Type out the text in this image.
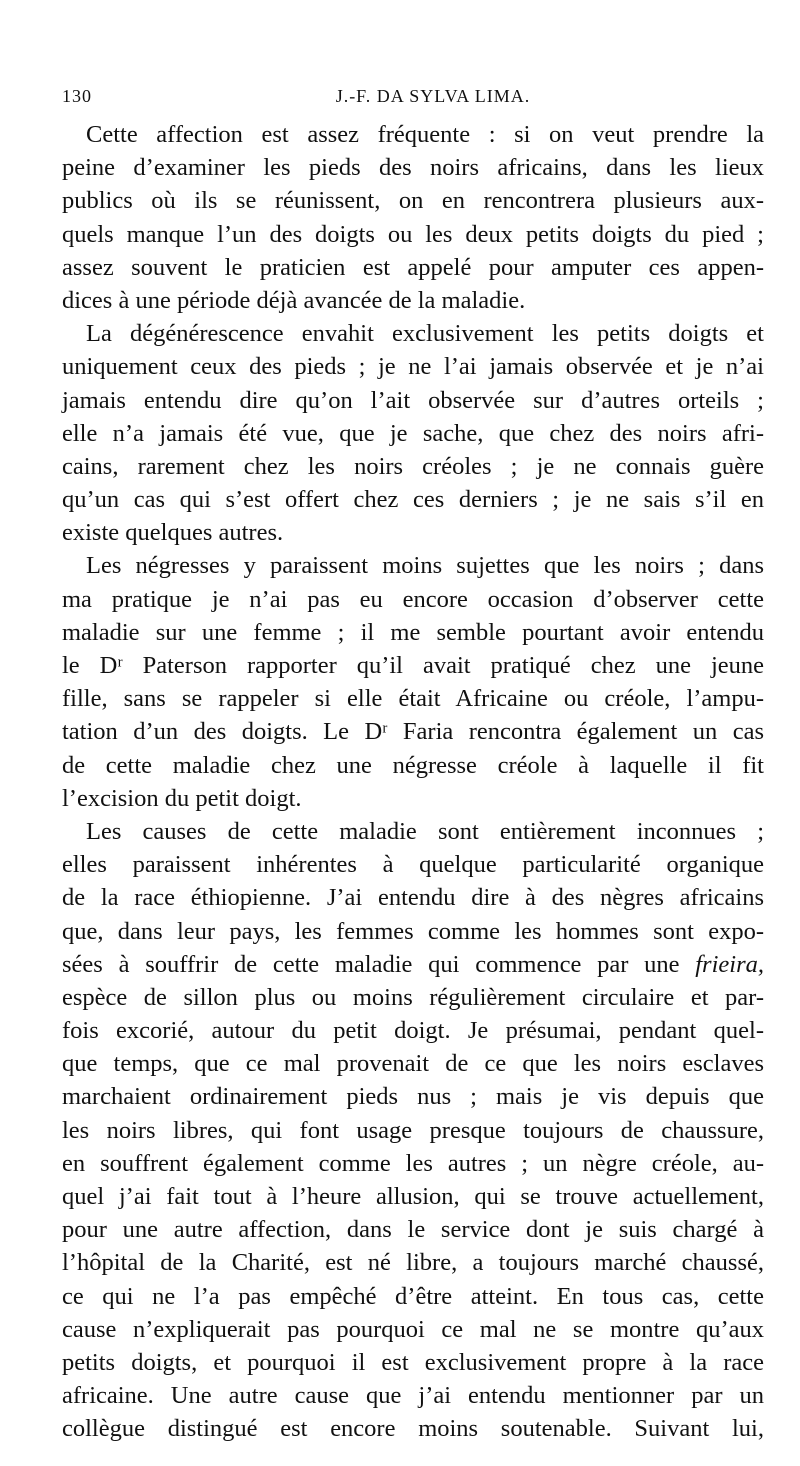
130	J.-F. DA SYLVA LIMA.
Cette affection est assez fréquente : si on veut prendre la
peine d’examiner les pieds des noirs africains, dans les lieux
publics où ils se réunissent, on en rencontrera plusieurs aux-
quels manque l’un des doigts ou les deux petits doigts du pied ;
assez souvent le praticien est appelé pour amputer ces appen-
dices à une période déjà avancée de la maladie.
La dégénérescence envahit exclusivement les petits doigts et
uniquement ceux des pieds ; je ne l’ai jamais observée et je n’ai
jamais entendu dire qu’on l’ait observée sur d’autres orteils ;
elle n’a jamais été vue, que je sache, que chez des noirs afri-
cains, rarement chez les noirs créoles ; je ne connais guère
qu’un cas qui s’est offert chez ces derniers ; je ne sais s’il en
existe quelques autres.
Les négresses y paraissent moins sujettes que les noirs ; dans
ma pratique je n’ai pas eu encore occasion d’observer cette
maladie sur une femme ; il me semble pourtant avoir entendu
le Dʳ Paterson rapporter qu’il avait pratiqué chez une jeune
fille, sans se rappeler si elle était Africaine ou créole, l’ampu-
tation d’un des doigts. Le Dʳ Faria rencontra également un cas
de cette maladie chez une négresse créole à laquelle il fit
l’excision du petit doigt.
Les causes de cette maladie sont entièrement inconnues ;
elles paraissent inhérentes à quelque particularité organique
de la race éthiopienne. J’ai entendu dire à des nègres africains
que, dans leur pays, les femmes comme les hommes sont expo-
sées à souffrir de cette maladie qui commence par une frieira,
espèce de sillon plus ou moins régulièrement circulaire et par-
fois excorié, autour du petit doigt. Je présumai, pendant quel-
que temps, que ce mal provenait de ce que les noirs esclaves
marchaient ordinairement pieds nus ; mais je vis depuis que
les noirs libres, qui font usage presque toujours de chaussure,
en souffrent également comme les autres ; un nègre créole, au-
quel j’ai fait tout à l’heure allusion, qui se trouve actuellement,
pour une autre affection, dans le service dont je suis chargé à
l’hôpital de la Charité, est né libre, a toujours marché chaussé,
ce qui ne l’a pas empêché d’être atteint. En tous cas, cette
cause n’expliquerait pas pourquoi ce mal ne se montre qu’aux
petits doigts, et pourquoi il est exclusivement propre à la race
africaine. Une autre cause que j’ai entendu mentionner par un
collègue distingué est encore moins soutenable. Suivant lui,
